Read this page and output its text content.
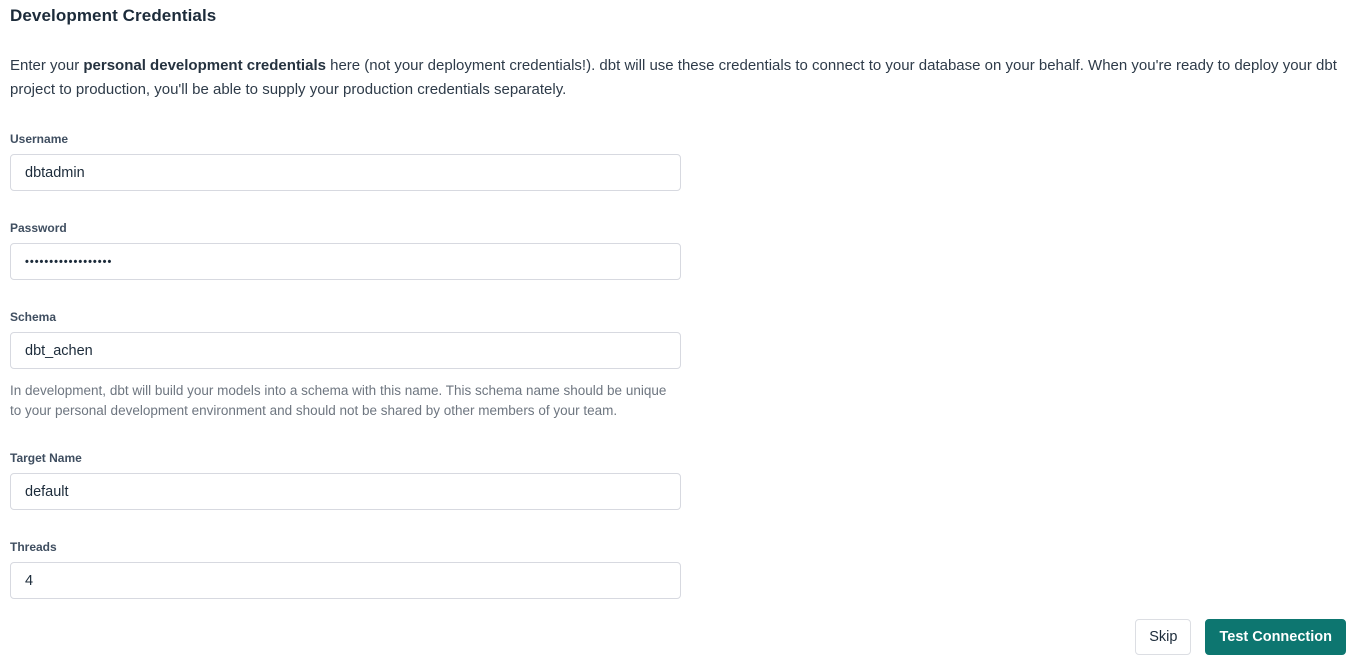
Development Credentials

Enter your personal development credentials here (not your deployment credentials!). dbt will use these credentials to connect to your database on your behalf. When you're ready to deploy your dbt project to production, you'll be able to supply your production credentials separately.

Username
dbtadmin
Password
••••••••••••••••••
Schema
dbt_achen
In development, dbt will build your models into a schema with this name. This schema name should be unique to your personal development environment and should not be shared by other members of your team.
Target Name
default
Threads
4
Skip	Test Connection
